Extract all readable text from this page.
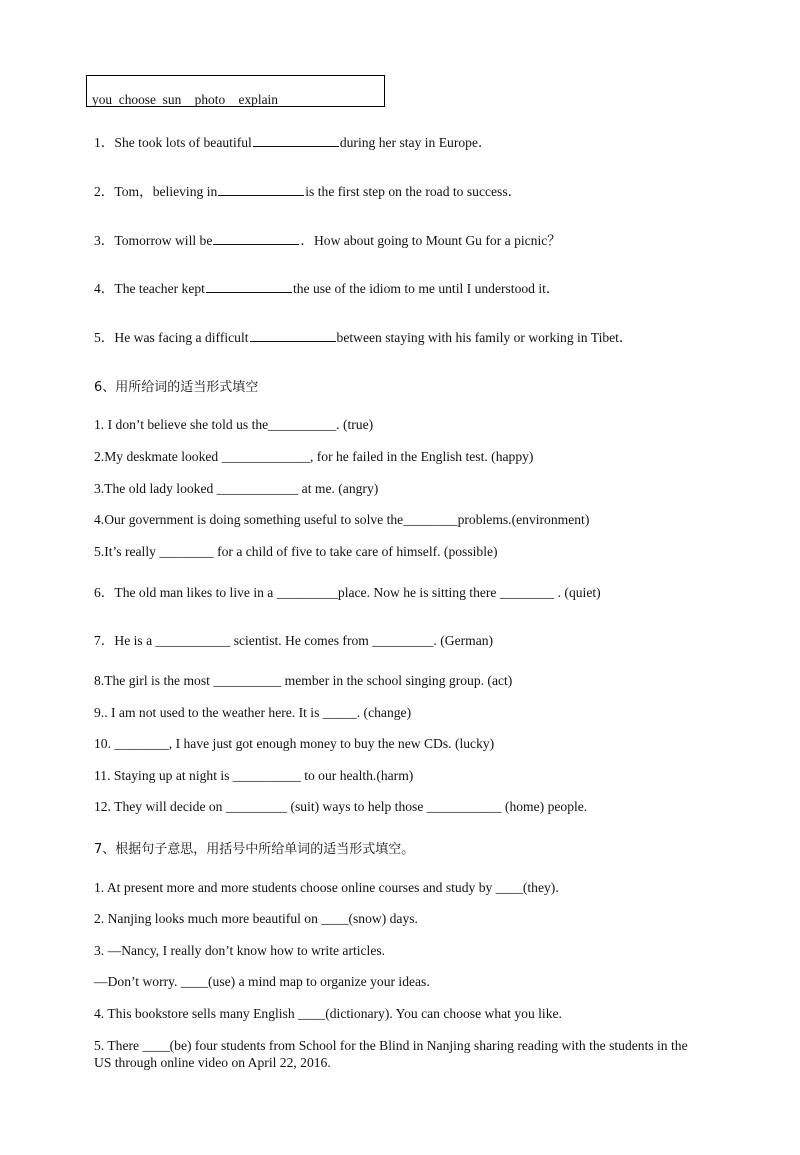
you  choose  sun    photo    explain
1．She took lots of beautiful	during her stay in Europe．
2．Tom，believing in	is the first step on the road to success．
3．Tomorrow will be	．How about going to Mount Gu for a picnic？
4．The teacher kept	the use of the idiom to me until I understood it．
5．He was facing a difficult	between staying with his family or working in Tibet．
6、用所给词的适当形式填空
1. I don’t believe she told us the__________. (true)
2.My deskmate looked _____________, for he failed in the English test. (happy)
3.The old lady looked ____________ at me. (angry)
4.Our government is doing something useful to solve the________problems.(environment)
5.It’s really ________ for a child of five to take care of himself. (possible)
6．The old man likes to live in a _________place. Now he is sitting there ________ . (quiet)
7．He is a ___________ scientist. He comes from _________. (German)
8.The girl is the most __________ member in the school singing group. (act)
9.. I am not used to the weather here. It is _____. (change)
10. ________, I have just got enough money to buy the new CDs. (lucky)
11. Staying up at night is __________ to our health.(harm)
12. They will decide on _________ (suit) ways to help those ___________ (home) people.
7、根据句子意思，用括号中所给单词的适当形式填空。
1. At present more and more students choose online courses and study by ____(they).
2. Nanjing looks much more beautiful on ____(snow) days.
3. —Nancy, I really don’t know how to write articles.
—Don’t worry. ____(use) a mind map to organize your ideas.
4. This bookstore sells many English ____(dictionary). You can choose what you like.
5. There ____(be) four students from School for the Blind in Nanjing sharing reading with the students in the US through online video on April 22, 2016.
